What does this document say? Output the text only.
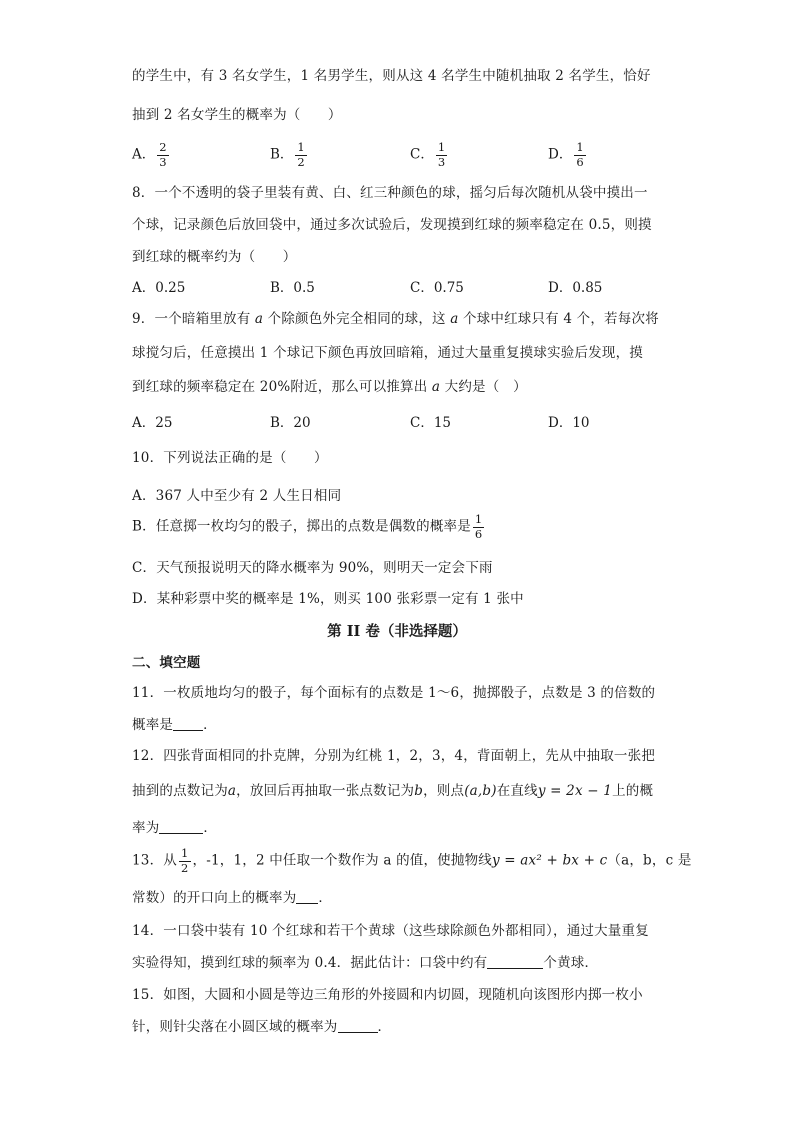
的学生中，有 3 名女学生，1 名男学生，则从这 4 名学生中随机抽取 2 名学生，恰好
抽到 2 名女学生的概率为（　　）
A． $\frac{2}{3}$	B． $\frac{1}{2}$	C． $\frac{1}{3}$	D． $\frac{1}{6}$
8．一个不透明的袋子里装有黄、白、红三种颜色的球，摇匀后每次随机从袋中摸出一
个球，记录颜色后放回袋中，通过多次试验后，发现摸到红球的频率稳定在 0.5，则摸
到红球的概率约为（　　）
A．0.25	B．0.5	C．0.75	D．0.85
9．一个暗箱里放有 a 个除颜色外完全相同的球，这 a 个球中红球只有 4 个，若每次将
球搅匀后，任意摸出 1 个球记下颜色再放回暗箱，通过大量重复摸球实验后发现，摸
到红球的频率稳定在 20%附近，那么可以推算出 a 大约是（　）
A．25	B．20	C．15	D．10
10．下列说法正确的是（　　）
A．367 人中至少有 2 人生日相同
B．任意掷一枚均匀的骰子，掷出的点数是偶数的概率是 $\frac{1}{6}$
C．天气预报说明天的降水概率为 90%，则明天一定会下雨
D．某种彩票中奖的概率是 1%，则买 100 张彩票一定有 1 张中
第 II 卷（非选择题）
二、填空题
11．一枚质地均匀的骰子，每个面标有的点数是 1～6，抛掷骰子，点数是 3 的倍数的
概率是 ．
12．四张背面相同的扑克牌，分别为红桃 1，2，3，4，背面朝上，先从中抽取一张把
抽到的点数记为a，放回后再抽取一张点数记为b，则点(a,b)在直线y = 2x − 1上的概
率为	．
13．从 $\frac{1}{2}$ ，-1，1，2 中任取一个数作为 a 的值，使抛物线y = ax² + bx + c（a，b，c 是
常数）的开口向上的概率为 ．
14．一口袋中装有 10 个红球和若干个黄球（这些球除颜色外都相同），通过大量重复
实验得知，摸到红球的频率为 0.4．据此估计：口袋中约有	个黄球．
15．如图，大圆和小圆是等边三角形的外接圆和内切圆，现随机向该图形内掷一枚小
针，则针尖落在小圆区域的概率为	．
